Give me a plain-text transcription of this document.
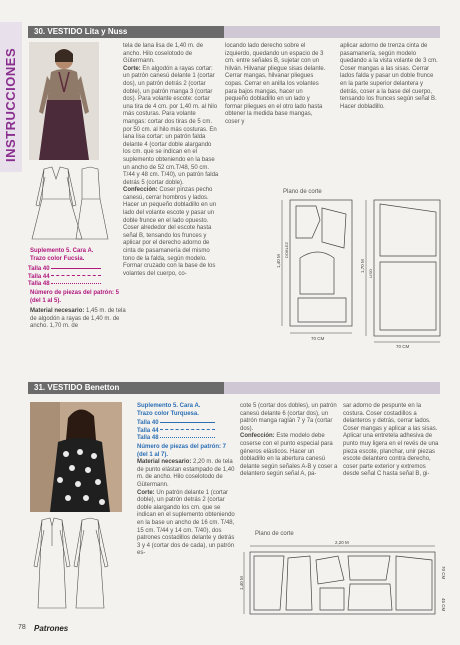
INSTRUCCIONES
30. VESTIDO Lita y Nuss
Suplemento 5. Cara A.
Trazo color Fucsia.
Talla 40
Talla 44
Talla 48
Número de piezas del patrón: 5 (del 1 al 5).
Material necesario: 1,45 m. de tela de algodón a rayas de 1,40 m. de ancho. 1,70 m. de
tela de lana lisa de 1,40 m. de ancho. Hilo coselotodo de Gütermann.
Corte: En algodón a rayas cortar: un patrón canesú delante 1 (cortar dos), un patrón detrás 2 (cortar doble), un patrón manga 3 (cortar dos). Para volante escote: cortar una tira de 4 cm. por 1,40 m. al hilo más costuras. Para volante mangas: cortar dos tiras de 5 cm. por 50 cm. al hilo más costuras. En lana lisa cortar: un patrón falda delante 4 (cortar doble alargando los cm. que se indican en el suplemento obteniendo en la base un ancho de 52 cm.T/48, 50 cm. T/44 y 48 cm. T/40), un patrón falda detrás 5 (cortar doble).
Confección: Coser pinzas pecho canesú, cerrar hombros y lados. Hacer un pequeño dobladillo en un lado del volante escote y pasar un doble frunce en el lado opuesto. Coser alrededor del escote hasta señal B, tensando los frunces y aplicar por el derecho adorno de cinta de pasamanería del mismo tono de la falda, según modelo. Formar cruzado con la base de los volantes del cuerpo, co-
locando lado derecho sobre el izquierdo, quedando un espacio de 3 cm. entre señales B, sujetar con un hilván. Hilvanar pliegue sisas delante. Cerrar mangas, hilvanar pliegues copas. Cerrar en anilla los volantes para bajos mangas, hacer un pequeño dobladillo en un lado y formar pliegues en el otro lado hasta obtener la medida base mangas, coser y
aplicar adorno de trenza cinta de pasamanería, según modelo quedando a la vista volante de 3 cm. Coser mangas a las sisas. Cerrar lados falda y pasar un doble frunce en la parte superior delantera y detrás, coser a la base del cuerpo, tensando los frunces según señal B. Hacer dobladillo.
Plano de corte
70 CM
70 CM
1,40 M	1,70 M
DOBLEZ
LISO
31. VESTIDO Benetton
Suplemento 5. Cara A.
Trazo color Turquesa.
Talla 40
Talla 44
Talla 48
Número de piezas del patrón: 7 (del 1 al 7).
Material necesario: 2,20 m. de tela de punto elástan estampado de 1,40 m. de ancho. Hilo coselotodo de Gütermann.
Corte: Un patrón delante 1 (cortar doble), un patrón detrás 2 (cortar doble alargando los cm. que se indican en el suplemento obteniendo en la base un ancho de 16 cm. T/48, 15 cm. T/44 y 14 cm. T/40), dos patrones costadillos delante y detrás 3 y 4 (cortar dos de cada), un patrón es-
cote 5 (cortar dos dobles), un patrón canesú delante 6 (cortar dos), un patrón manga raglán 7 y 7a (cortar dos).
Confección: Este modelo debe coserse con el punto especial para géneros elásticos. Hacer un dobladillo en la abertura canesú delante según señales A-B y coser a delantero según señal A, pa-
sar adorno de pespunte en la costura. Coser costadillos a delanteros y detrás, cerrar lados. Coser mangas y aplicar a las sisas. Aplicar una entretela adhesiva de punto muy ligera en el revés de una pieza escote, planchar, unir piezas escote delantero contra derecho, coser parte exterior y extremos desde señal C hasta señal B, gi-
Plano de corte
2,20 M
1,40 M
70 CM
45 CM
78 Patrones
